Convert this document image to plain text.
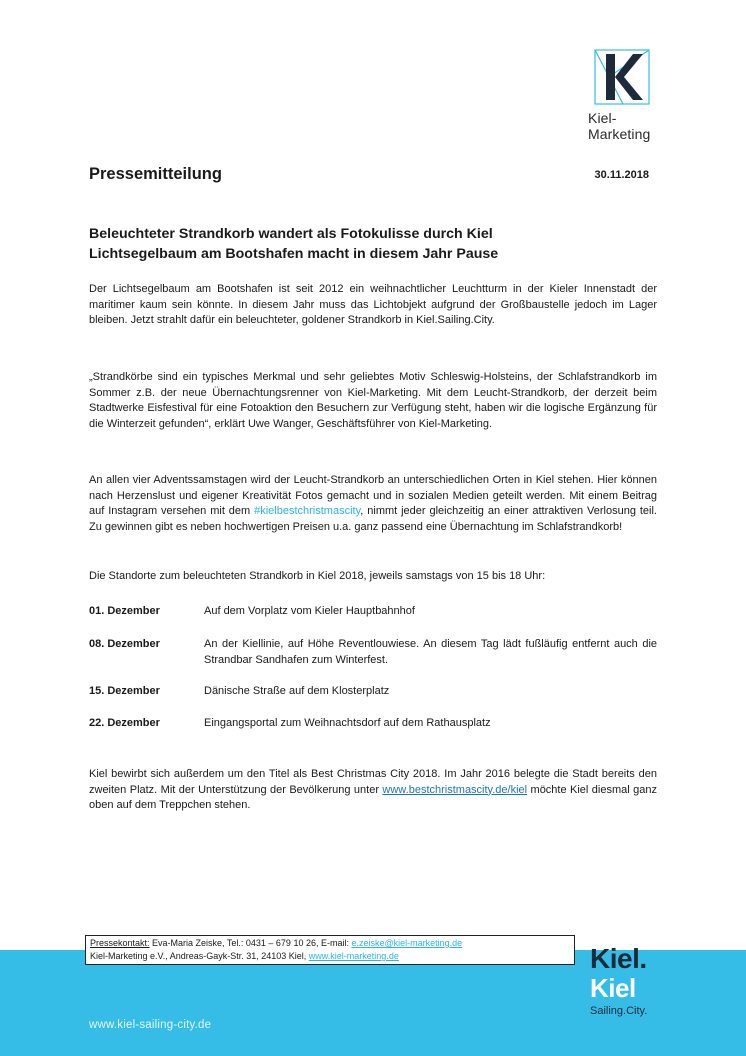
Kiel-Marketing
Pressemitteilung	30.11.2018
Beleuchteter Strandkorb wandert als Fotokulisse durch Kiel
Lichtsegelbaum am Bootshafen macht in diesem Jahr Pause
Der Lichtsegelbaum am Bootshafen ist seit 2012 ein weihnachtlicher Leuchtturm in der Kieler Innenstadt der maritimer kaum sein könnte. In diesem Jahr muss das Lichtobjekt aufgrund der Großbaustelle jedoch im Lager bleiben. Jetzt strahlt dafür ein beleuchteter, goldener Strandkorb in Kiel.Sailing.City.
„Strandkörbe sind ein typisches Merkmal und sehr geliebtes Motiv Schleswig-Holsteins, der Schlafstrandkorb im Sommer z.B. der neue Übernachtungsrenner von Kiel-Marketing. Mit dem Leucht-Strandkorb, der derzeit beim Stadtwerke Eisfestival für eine Fotoaktion den Besuchern zur Verfügung steht, haben wir die logische Ergänzung für die Winterzeit gefunden“, erklärt Uwe Wanger, Geschäftsführer von Kiel-Marketing.
An allen vier Adventssamstagen wird der Leucht-Strandkorb an unterschiedlichen Orten in Kiel stehen. Hier können nach Herzenslust und eigener Kreativität Fotos gemacht und in sozialen Medien geteilt werden. Mit einem Beitrag auf Instagram versehen mit dem #kielbestchristmascity, nimmt jeder gleichzeitig an einer attraktiven Verlosung teil. Zu gewinnen gibt es neben hochwertigen Preisen u.a. ganz passend eine Übernachtung im Schlafstrandkorb!
Die Standorte zum beleuchteten Strandkorb in Kiel 2018, jeweils samstags von 15 bis 18 Uhr:
01. Dezember	Auf dem Vorplatz vom Kieler Hauptbahnhof
08. Dezember	An der Kiellinie, auf Höhe Reventlouwiese. An diesem Tag lädt fußläufig entfernt auch die Strandbar Sandhafen zum Winterfest.
15. Dezember	Dänische Straße auf dem Klosterplatz
22. Dezember	Eingangsportal zum Weihnachtsdorf auf dem Rathausplatz
Kiel bewirbt sich außerdem um den Titel als Best Christmas City 2018. Im Jahr 2016 belegte die Stadt bereits den zweiten Platz. Mit der Unterstützung der Bevölkerung unter www.bestchristmascity.de/kiel möchte Kiel diesmal ganz oben auf dem Treppchen stehen.
www.kiel-sailing-city.de
Pressekontakt: Eva-Maria Zeiske, Tel.: 0431 – 679 10 26, E-mail: e.zeiske@kiel-marketing.de
Kiel-Marketing e.V., Andreas-Gayk-Str. 31, 24103 Kiel, www.kiel-marketing.de	Kiel.
Kiel
Sailing.City.
